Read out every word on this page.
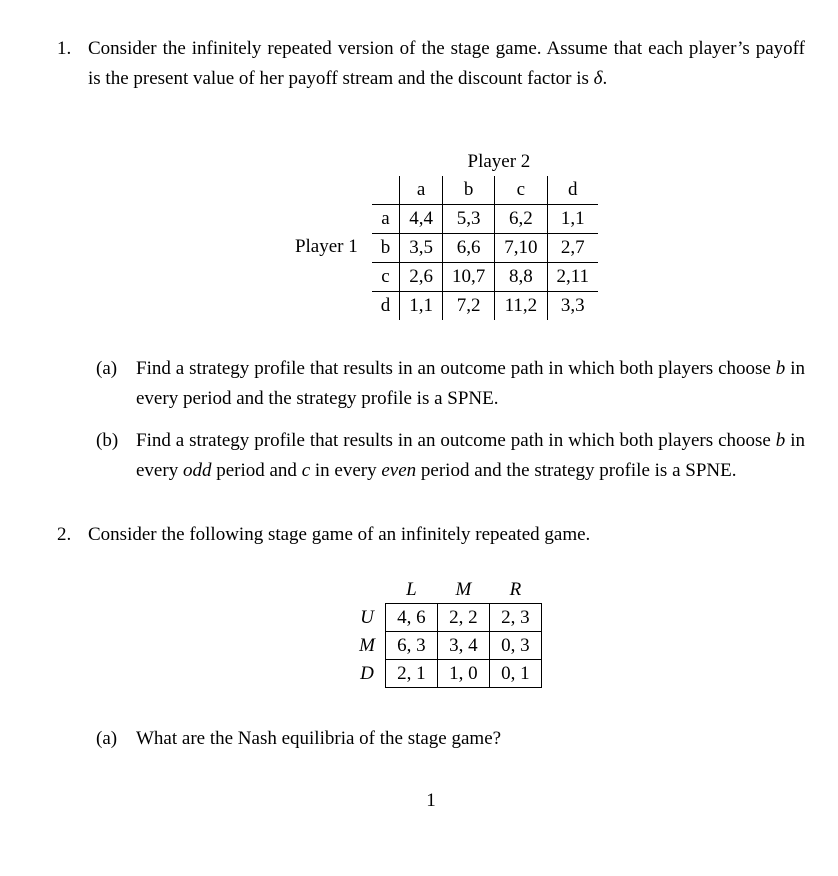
1. Consider the infinitely repeated version of the stage game. Assume that each player’s payoff is the present value of her payoff stream and the discount factor is δ.

Player 1
	Player 2			
	a	b	c	d
a	4,4	5,3	6,2	1,1
b	3,5	6,6	7,10	2,7
c	2,6	10,7	8,8	2,11
d	1,1	7,2	11,2	3,3
(a) Find a strategy profile that results in an outcome path in which both players choose b in every period and the strategy profile is a SPNE.
(b) Find a strategy profile that results in an outcome path in which both players choose b in every odd period and c in every even period and the strategy profile is a SPNE.
2. Consider the following stage game of an infinitely repeated game.

	L	M	R
U	4, 6	2, 2	2, 3
M	6, 3	3, 4	0, 3
D	2, 1	1, 0	0, 1
(a) What are the Nash equilibria of the stage game?
1
